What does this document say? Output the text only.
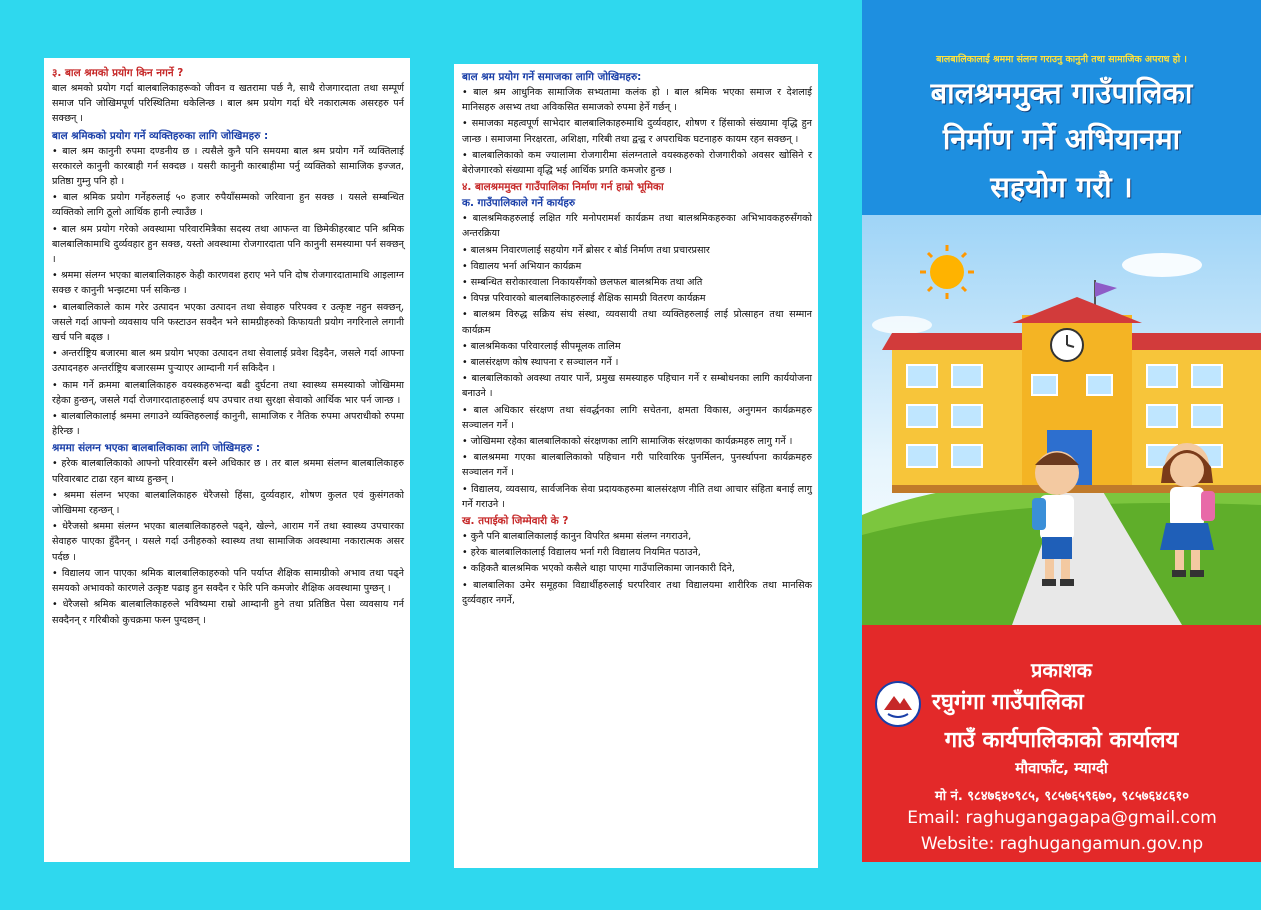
३. बाल श्रमको प्रयोग किन नगर्ने ?
बाल श्रमको प्रयोग गर्दा बालबालिकाहरूको जीवन व खतरामा पर्छ नै, साथै रोजगारदाता तथा सम्पूर्ण समाज पनि जोखिमपूर्ण परिस्थितिमा धकेलिन्छ । बाल श्रम प्रयोग गर्दा धेरै नकारात्मक असरहरु पर्न सक्छन् ।
बाल श्रमिकको प्रयोग गर्ने व्यक्तिहरुका लागि जोखिमहरु :
• बाल श्रम कानुनी रुपमा दण्डनीय छ । त्यसैले कुनै पनि समयमा बाल श्रम प्रयोग गर्ने व्यक्तिलाई सरकारले कानुनी कारबाही गर्न सक्दछ । यसरी कानुनी कारबाहीमा पर्नु व्यक्तिको सामाजिक इज्जत, प्रतिष्ठा गुम्नु पनि हो ।
• बाल श्रमिक प्रयोग गर्नेहरुलाई ५० हजार रुपैयाँसम्मको जरिवाना हुन सक्छ । यसले सम्बन्धित व्यक्तिको लागि ठूलो आर्थिक हानी ल्याउँछ ।
• बाल श्रम प्रयोग गरेको अवस्थामा परिवारमित्रैका सदस्य तथा आफन्त वा छिमेकीहरबाट पनि श्रमिक बालबालिकामाथि दुर्व्यवहार हुन सक्छ, यस्तो अवस्थामा रोजगारदाता पनि कानुनी समस्यामा पर्न सक्छन् ।
• श्रममा संलग्न भएका बालबालिकाहरु केही कारणवश हराए भने पनि दोष रोजगारदातामाथि आइलाग्न सक्छ र कानुनी भन्झटमा पर्न सकिन्छ ।
• बालबालिकाले काम गरेर उत्पादन भएका उत्पादन तथा सेवाहरु परिपक्व र उत्कृष्ट नहुन सक्छन्, जसले गर्दा आफ्नो व्यवसाय पनि फस्टाउन सक्दैन भने सामग्रीहरुको किफायती प्रयोग नगरिनाले लगानी खर्च पनि बढ्छ ।
• अन्तर्राष्ट्रिय बजारमा बाल श्रम प्रयोग भएका उत्पादन तथा सेवालाई प्रवेश दिइदैन, जसले गर्दा आफ्ना उत्पादनहरु अन्तर्राष्ट्रिय बजारसम्म पुऱ्याएर आम्दानी गर्न सकिदैन ।
• काम गर्ने क्रममा बालबालिकाहरु वयस्कहरुभन्दा बढी दुर्घटना तथा स्वास्थ्य समस्याको जोखिममा रहेका हुन्छन्, जसले गर्दा रोजगारदाताहरुलाई थप उपचार तथा सुरक्षा सेवाको आर्थिक भार पर्न जान्छ ।
• बालबालिकालाई श्रममा लगाउने व्यक्तिहरुलाई कानुनी, सामाजिक र नैतिक रुपमा अपराधीको रुपमा हेरिन्छ ।
श्रममा संलग्न भएका बालबालिकाका लागि जोखिमहरु :
• हरेक बालबालिकाको आफ्नो परिवारसँग बस्ने अधिकार छ । तर बाल श्रममा संलग्न बालबालिकाहरु परिवारबाट टाढा रहन बाध्य हुन्छन् ।
• श्रममा संलग्न भएका बालबालिकाहरु धेरैजसो हिंसा, दुर्व्यवहार, शोषण कुलत एवं कुसंगतको जोखिममा रहन्छन् ।
• धेरैजसो श्रममा संलग्न भएका बालबालिकाहरुले पढ्ने, खेल्ने, आराम गर्ने तथा स्वास्थ्य उपचारका सेवाहरु पाएका हुँदैनन् । यसले गर्दा उनीहरुको स्वास्थ्य तथा सामाजिक अवस्थामा नकारात्मक असर पर्दछ ।
• विद्यालय जान पाएका श्रमिक बालबालिकाहरुको पनि पर्याप्त शैक्षिक सामाग्रीको अभाव तथा पढ्ने समयको अभावको कारणले उत्कृष्ट पढाइ हुन सक्दैन र फेरि पनि कमजोर शैक्षिक अवस्थामा पुग्छन् ।
• धेरैजसो श्रमिक बालबालिकाहरुले भविष्यमा राम्रो आम्दानी हुने तथा प्रतिष्ठित पेसा व्यवसाय गर्न सक्दैनन् र गरिबीको कुचक्रमा फस्न पुग्दछन् ।
बाल श्रम प्रयोग गर्ने समाजका लागि जोखिमहरु:
• बाल श्रम आधुनिक सामाजिक सभ्यतामा कलंक हो । बाल श्रमिक भएका समाज र देशलाई मानिसहरु असभ्य तथा अविकसित समाजको रुपमा हेर्ने गर्छन् ।
• समाजका महत्वपूर्ण साभेदार बालबालिकाहरुमाथि दुर्व्यवहार, शोषण र हिंसाको संख्यामा वृद्धि हुन जान्छ । समाजमा निरक्षरता, अशिक्षा, गरिबी तथा द्वन्द्व र अपराधिक घटनाहरु कायम रहन सक्छन् ।
• बालबालिकाको कम ज्यालामा रोजगारीमा संलग्नताले वयस्कहरुको रोजगारीको अवसर खोसिने र बेरोजगारको संख्यामा वृद्धि भई आर्थिक प्रगति कमजोर हुन्छ ।
४. बालश्रममुक्त गाउँपालिका निर्माण गर्न हाम्रो भूमिका
क. गाउँपालिकाले गर्ने कार्यहरु
• बालश्रमिकहरुलाई लक्षित गरि मनोपरामर्श कार्यक्रम तथा बालश्रमिकहरुका अभिभावकहरुसँगको अन्तरक्रिया
• बालश्रम निवारणलाई सहयोग गर्ने ब्रोसर र बोर्ड निर्माण तथा प्रचारप्रसार
• विद्यालय भर्ना अभियान कार्यक्रम
• सम्बन्धित सरोकारवाला निकायसँगको छलफल बालश्रमिक तथा अति
• विपन्न परिवारको बालबालिकाहरुलाई शैक्षिक सामग्री वितरण कार्यक्रम
• बालश्रम विरुद्ध सक्रिय संघ संस्था, व्यवसायी तथा व्यक्तिहरुलाई लाई प्रोत्साहन तथा सम्मान कार्यक्रम
• बालश्रमिकका परिवारलाई सीपमूलक तालिम
• बालसंरक्षण कोष स्थापना र सञ्चालन गर्ने ।
• बालबालिकाको अवस्था तयार पार्ने, प्रमुख समस्याहरु पहिचान गर्ने र सम्बोधनका लागि कार्ययोजना बनाउने ।
• बाल अधिकार संरक्षण तथा संवर्द्धनका लागि सचेतना, क्षमता विकास, अनुगमन कार्यक्रमहरु सञ्चालन गर्ने ।
• जोखिममा रहेका बालबालिकाको संरक्षणका लागि सामाजिक संरक्षणका कार्यक्रमहरु लागु गर्ने ।
• बालश्रममा गएका बालबालिकाको पहिचान गरी पारिवारिक पुनर्मिलन, पुनर्स्थापना कार्यक्रमहरु सञ्चालन गर्ने ।
• विद्यालय, व्यवसाय, सार्वजनिक सेवा प्रदायकहरुमा बालसंरक्षण नीति तथा आचार संहिता बनाई लागु गर्ने गराउने ।
ख. तपाईको जिम्मेवारी के ?
• कुनै पनि बालबालिकालाई कानुन विपरित श्रममा संलग्न नगराउने,
• हरेक बालबालिकालाई विद्यालय भर्ना गरी विद्यालय नियमित पठाउने,
• कहिकतै बालश्रमिक भएको कसैले थाहा पाएमा गाउँपालिकामा जानकारी दिने,
• बालबालिका उमेर समूहका विद्यार्थीहरुलाई घरपरिवार तथा विद्यालयमा शारीरिक तथा मानसिक दुर्व्यवहार नगर्ने,
बालबालिकालाई श्रममा संलग्न गराउनु कानुनी तथा सामाजिक अपराध हो ।
बालश्रममुक्त गाउँपालिका
निर्माण गर्ने अभियानमा
सहयोग गरौ ।
प्रकाशक
रघुगंगा गाउँपालिका
गाउँ कार्यपालिकाको कार्यालय
मौवाफाँट, म्याग्दी
मो नं. ९८४७६४०९८५, ९८५७६५९६७०, ९८५७६४८६१०
Email: raghugangagapa@gmail.com
Website: raghugangamun.gov.np
